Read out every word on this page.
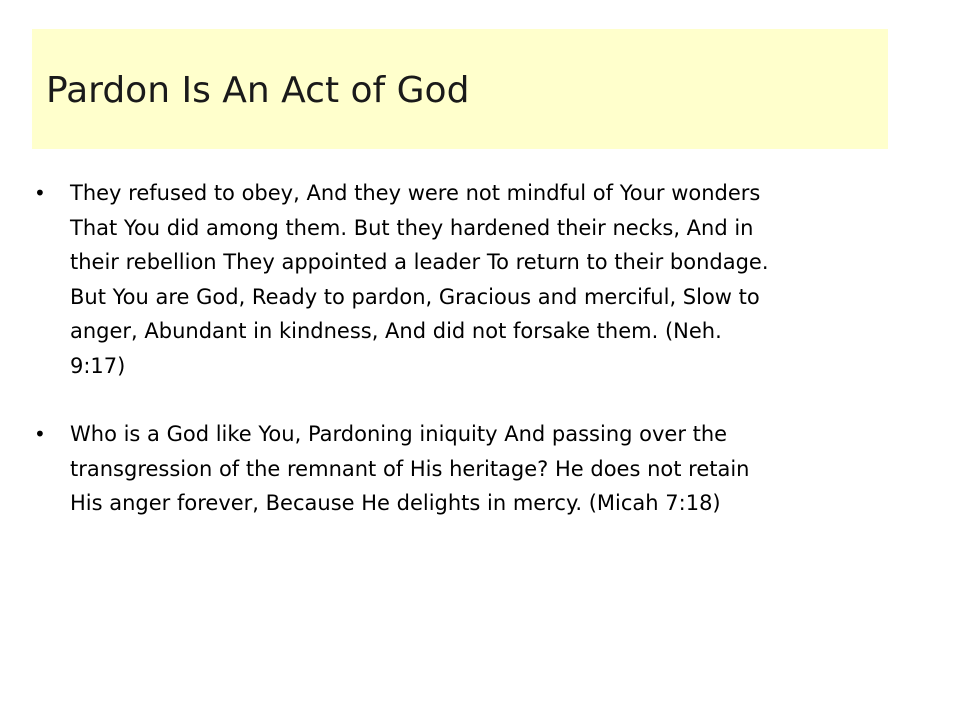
Pardon Is An Act of God
• They refused to obey, And they were not mindful of Your wonders That You did among them. But they hardened their necks, And in their rebellion They appointed a leader To return to their bondage. But You are God, Ready to pardon, Gracious and merciful, Slow to anger, Abundant in kindness, And did not forsake them. (Neh. 9:17)
• Who is a God like You, Pardoning iniquity And passing over the transgression of the remnant of His heritage? He does not retain His anger forever, Because He delights in mercy. (Micah 7:18)
